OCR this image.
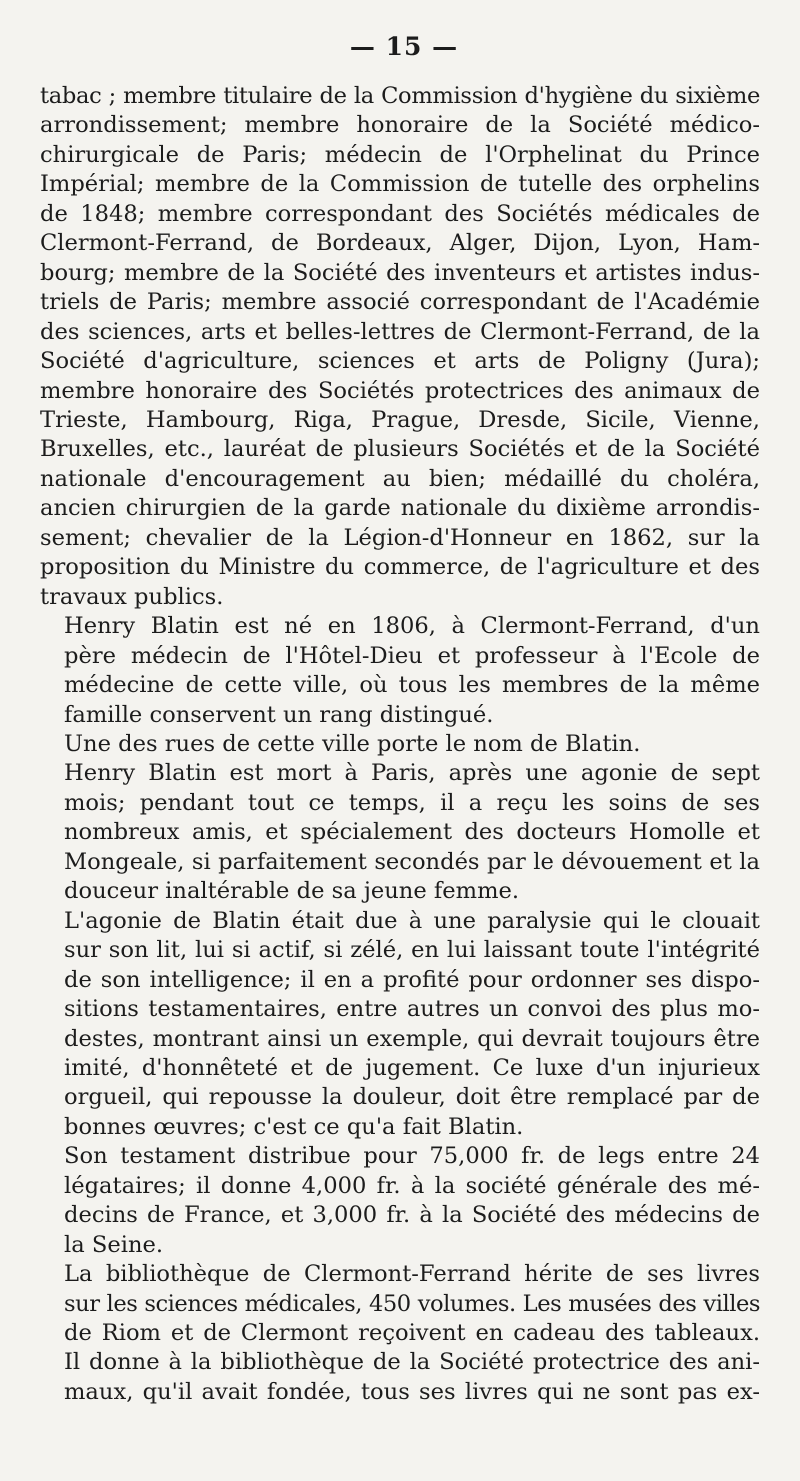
— 15 —
tabac ; membre titulaire de la Commission d'hygiène du sixième
arrondissement; membre honoraire de la Société médico-
chirurgicale de Paris; médecin de l'Orphelinat du Prince
Impérial; membre de la Commission de tutelle des orphelins
de 1848; membre correspondant des Sociétés médicales de
Clermont-Ferrand, de Bordeaux, Alger, Dijon, Lyon, Ham-
bourg; membre de la Société des inventeurs et artistes indus-
triels de Paris; membre associé correspondant de l'Académie
des sciences, arts et belles-lettres de Clermont-Ferrand, de la
Société d'agriculture, sciences et arts de Poligny (Jura);
membre honoraire des Sociétés protectrices des animaux de
Trieste, Hambourg, Riga, Prague, Dresde, Sicile, Vienne,
Bruxelles, etc., lauréat de plusieurs Sociétés et de la Société
nationale d'encouragement au bien; médaillé du choléra,
ancien chirurgien de la garde nationale du dixième arrondis-
sement; chevalier de la Légion-d'Honneur en 1862, sur la
proposition du Ministre du commerce, de l'agriculture et des
travaux publics.
Henry Blatin est né en 1806, à Clermont-Ferrand, d'un
père médecin de l'Hôtel-Dieu et professeur à l'Ecole de
médecine de cette ville, où tous les membres de la même
famille conservent un rang distingué.
Une des rues de cette ville porte le nom de Blatin.
Henry Blatin est mort à Paris, après une agonie de sept
mois; pendant tout ce temps, il a reçu les soins de ses
nombreux amis, et spécialement des docteurs Homolle et
Mongeale, si parfaitement secondés par le dévouement et la
douceur inaltérable de sa jeune femme.
L'agonie de Blatin était due à une paralysie qui le clouait
sur son lit, lui si actif, si zélé, en lui laissant toute l'intégrité
de son intelligence; il en a profité pour ordonner ses dispo-
sitions testamentaires, entre autres un convoi des plus mo-
destes, montrant ainsi un exemple, qui devrait toujours être
imité, d'honnêteté et de jugement. Ce luxe d'un injurieux
orgueil, qui repousse la douleur, doit être remplacé par de
bonnes œuvres; c'est ce qu'a fait Blatin.
Son testament distribue pour 75,000 fr. de legs entre 24
légataires; il donne 4,000 fr. à la société générale des mé-
decins de France, et 3,000 fr. à la Société des médecins de
la Seine.
La bibliothèque de Clermont-Ferrand hérite de ses livres
sur les sciences médicales, 450 volumes. Les musées des villes
de Riom et de Clermont reçoivent en cadeau des tableaux.
Il donne à la bibliothèque de la Société protectrice des ani-
maux, qu'il avait fondée, tous ses livres qui ne sont pas ex-
